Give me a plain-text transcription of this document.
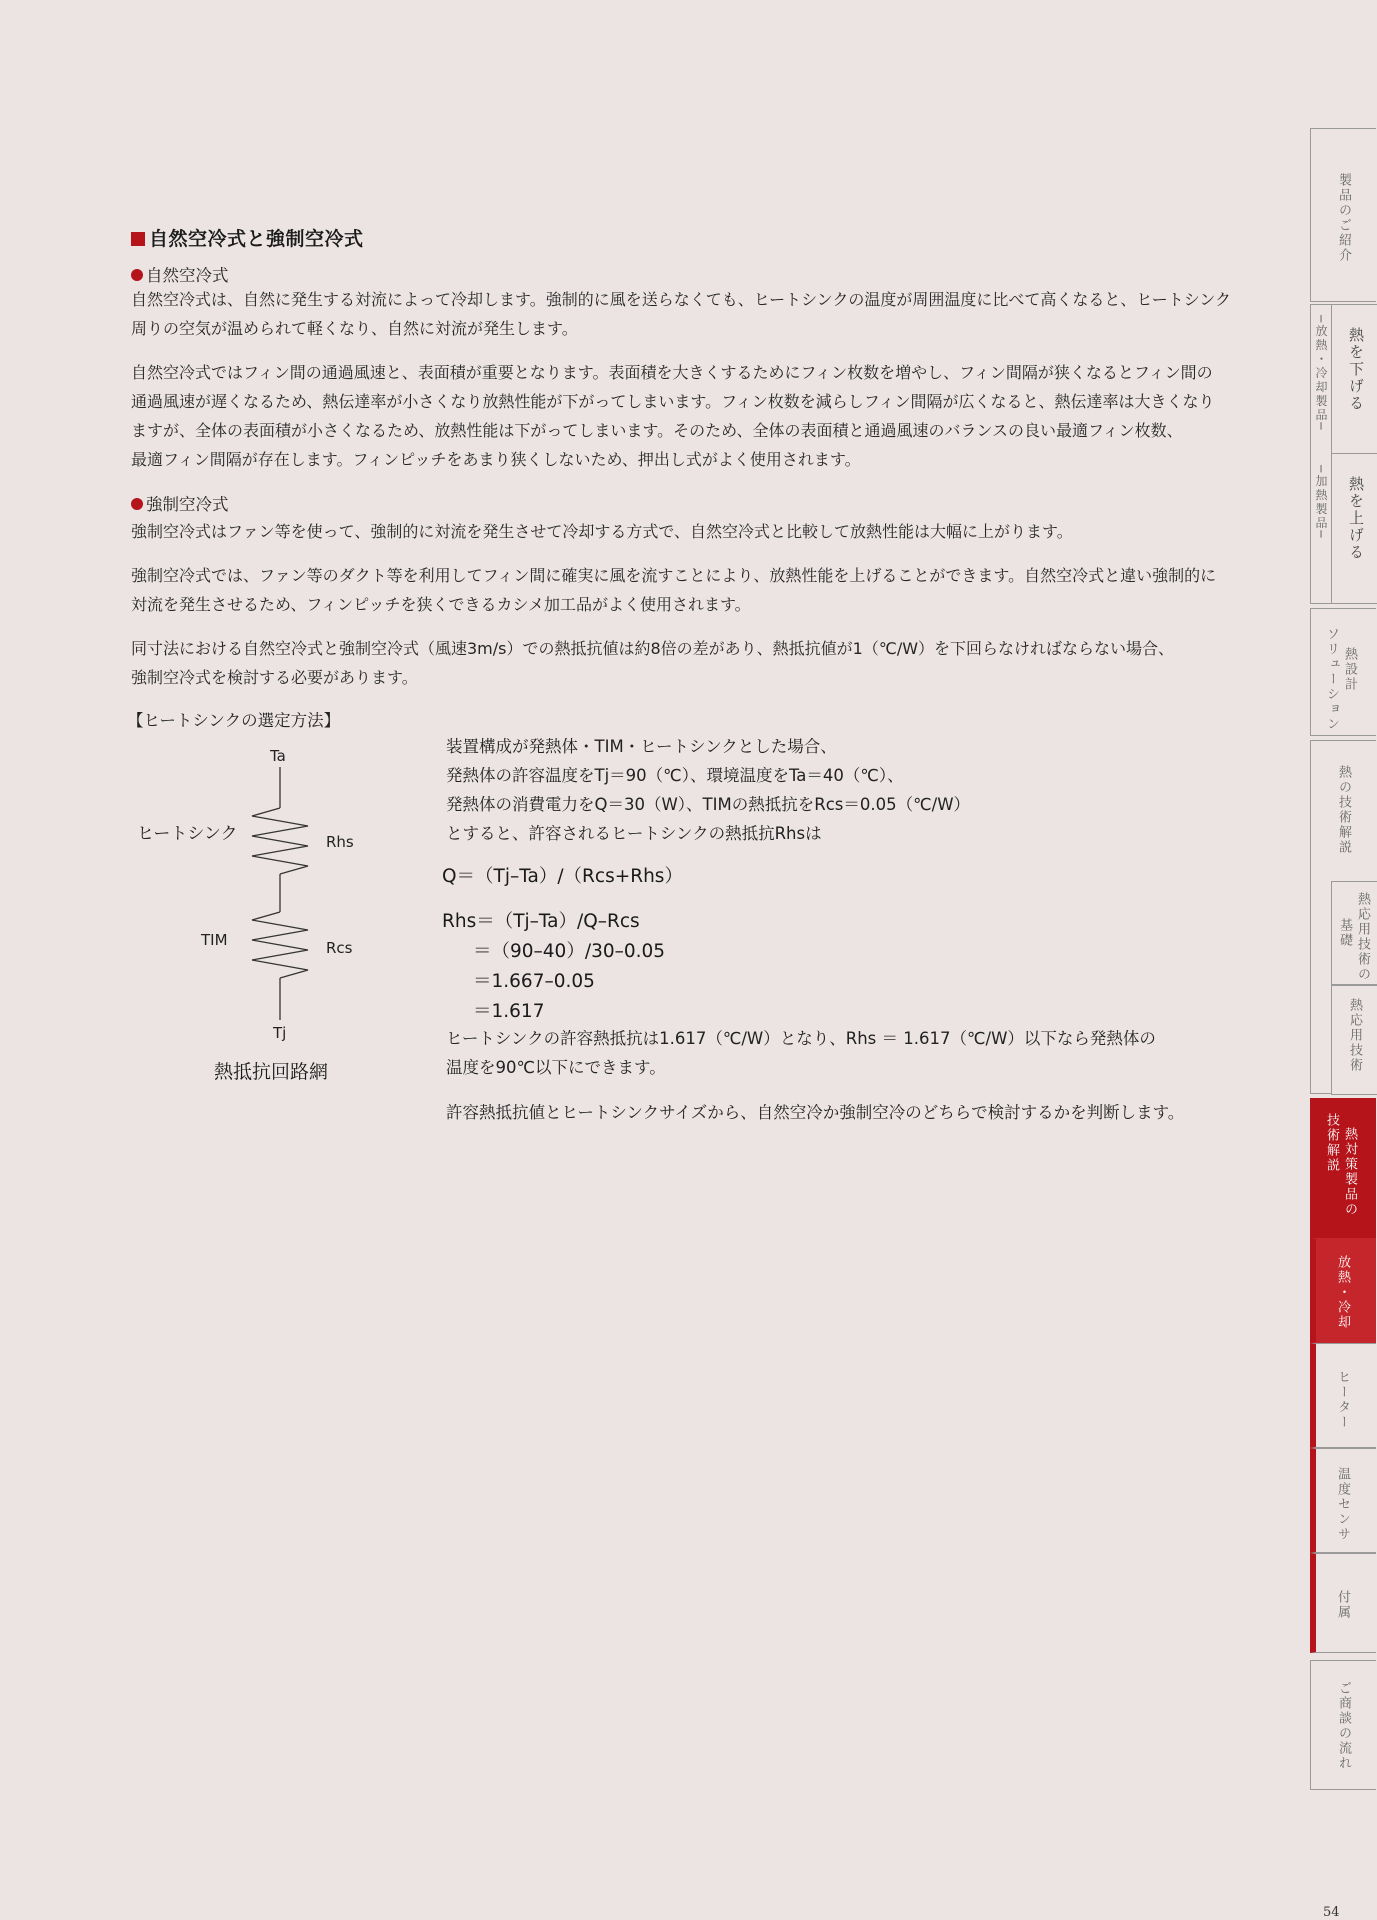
自然空冷式と強制空冷式
自然空冷式
自然空冷式は、自然に発生する対流によって冷却します。強制的に風を送らなくても、ヒートシンクの温度が周囲温度に比べて高くなると、ヒートシンク
周りの空気が温められて軽くなり、自然に対流が発生します。
自然空冷式ではフィン間の通過風速と、表面積が重要となります。表面積を大きくするためにフィン枚数を増やし、フィン間隔が狭くなるとフィン間の
通過風速が遅くなるため、熱伝達率が小さくなり放熱性能が下がってしまいます。フィン枚数を減らしフィン間隔が広くなると、熱伝達率は大きくなり
ますが、全体の表面積が小さくなるため、放熱性能は下がってしまいます。そのため、全体の表面積と通過風速のバランスの良い最適フィン枚数、
最適フィン間隔が存在します。フィンピッチをあまり狭くしないため、押出し式がよく使用されます。
強制空冷式
強制空冷式はファン等を使って、強制的に対流を発生させて冷却する方式で、自然空冷式と比較して放熱性能は大幅に上がります。
強制空冷式では、ファン等のダクト等を利用してフィン間に確実に風を流すことにより、放熱性能を上げることができます。自然空冷式と違い強制的に
対流を発生させるため、フィンピッチを狭くできるカシメ加工品がよく使用されます。
同寸法における自然空冷式と強制空冷式（風速3m/s）での熱抵抗値は約8倍の差があり、熱抵抗値が1（℃/W）を下回らなければならない場合、
強制空冷式を検討する必要があります。
【ヒートシンクの選定方法】
Ta
Rhs
ヒートシンク
TIM	Rcs
Tj
熱抵抗回路網
装置構成が発熱体・TIM・ヒートシンクとした場合、
発熱体の許容温度をTj＝90（℃）、環境温度をTa＝40（℃）、
発熱体の消費電力をQ＝30（W）、TIMの熱抵抗をRcs＝0.05（℃/W）
とすると、許容されるヒートシンクの熱抵抗Rhsは
Q＝（Tj–Ta）/（Rcs+Rhs）
Rhs＝（Tj–Ta）/Q–Rcs
＝（90–40）/30–0.05
＝1.667–0.05
＝1.617
ヒートシンクの許容熱抵抗は1.617（℃/W）となり、Rhs ＝ 1.617（℃/W）以下なら発熱体の
温度を90℃以下にできます。
許容熱抵抗値とヒートシンクサイズから、自然空冷か強制空冷のどちらで検討するかを判断します。
製品のご紹介
熱を下げる
─放熱・冷却製品─
熱を上げる
─加熱製品─
熱設計
ソリューション
熱の技術解説
熱応用技術の
基礎
熱応用技術
熱対策製品の
技術解説
放熱・冷却
ヒーター
温度センサ
付属
ご商談の流れ
54
